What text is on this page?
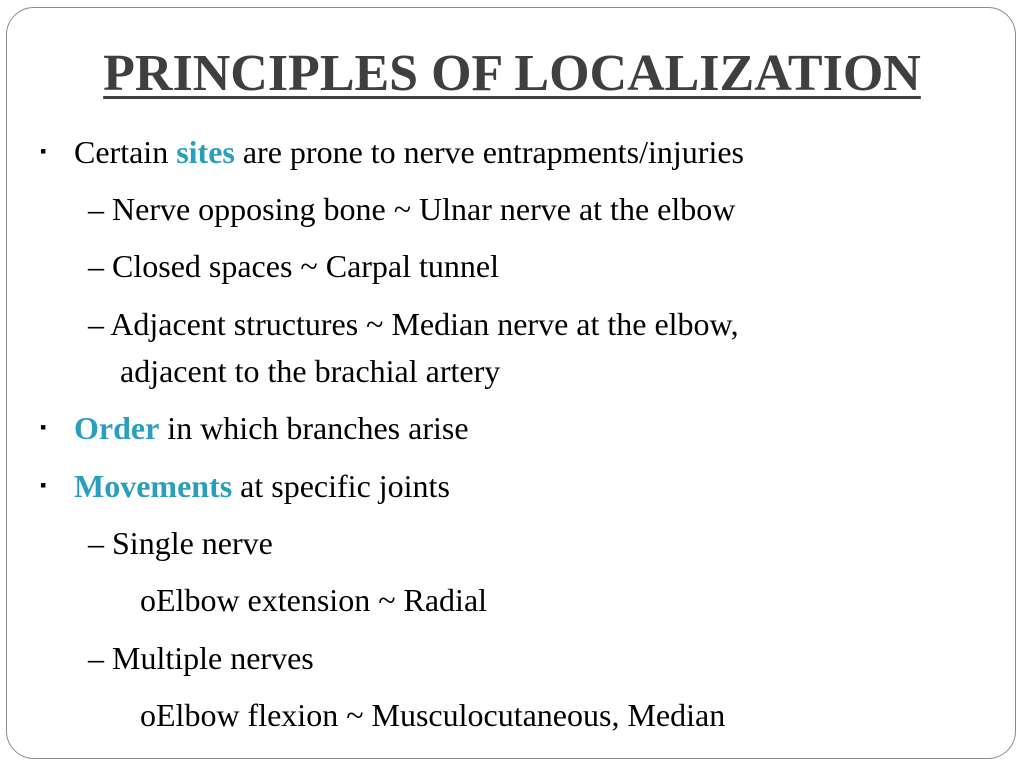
PRINCIPLES OF LOCALIZATION
▪ Certain sites are prone to nerve entrapments/injuries
– Nerve opposing bone ~ Ulnar nerve at the elbow
– Closed spaces ~ Carpal tunnel
– Adjacent structures ~ Median nerve at the elbow,
adjacent to the brachial artery
▪ Order in which branches arise
▪ Movements at specific joints
– Single nerve
oElbow extension ~ Radial
– Multiple nerves
oElbow flexion ~ Musculocutaneous, Median
